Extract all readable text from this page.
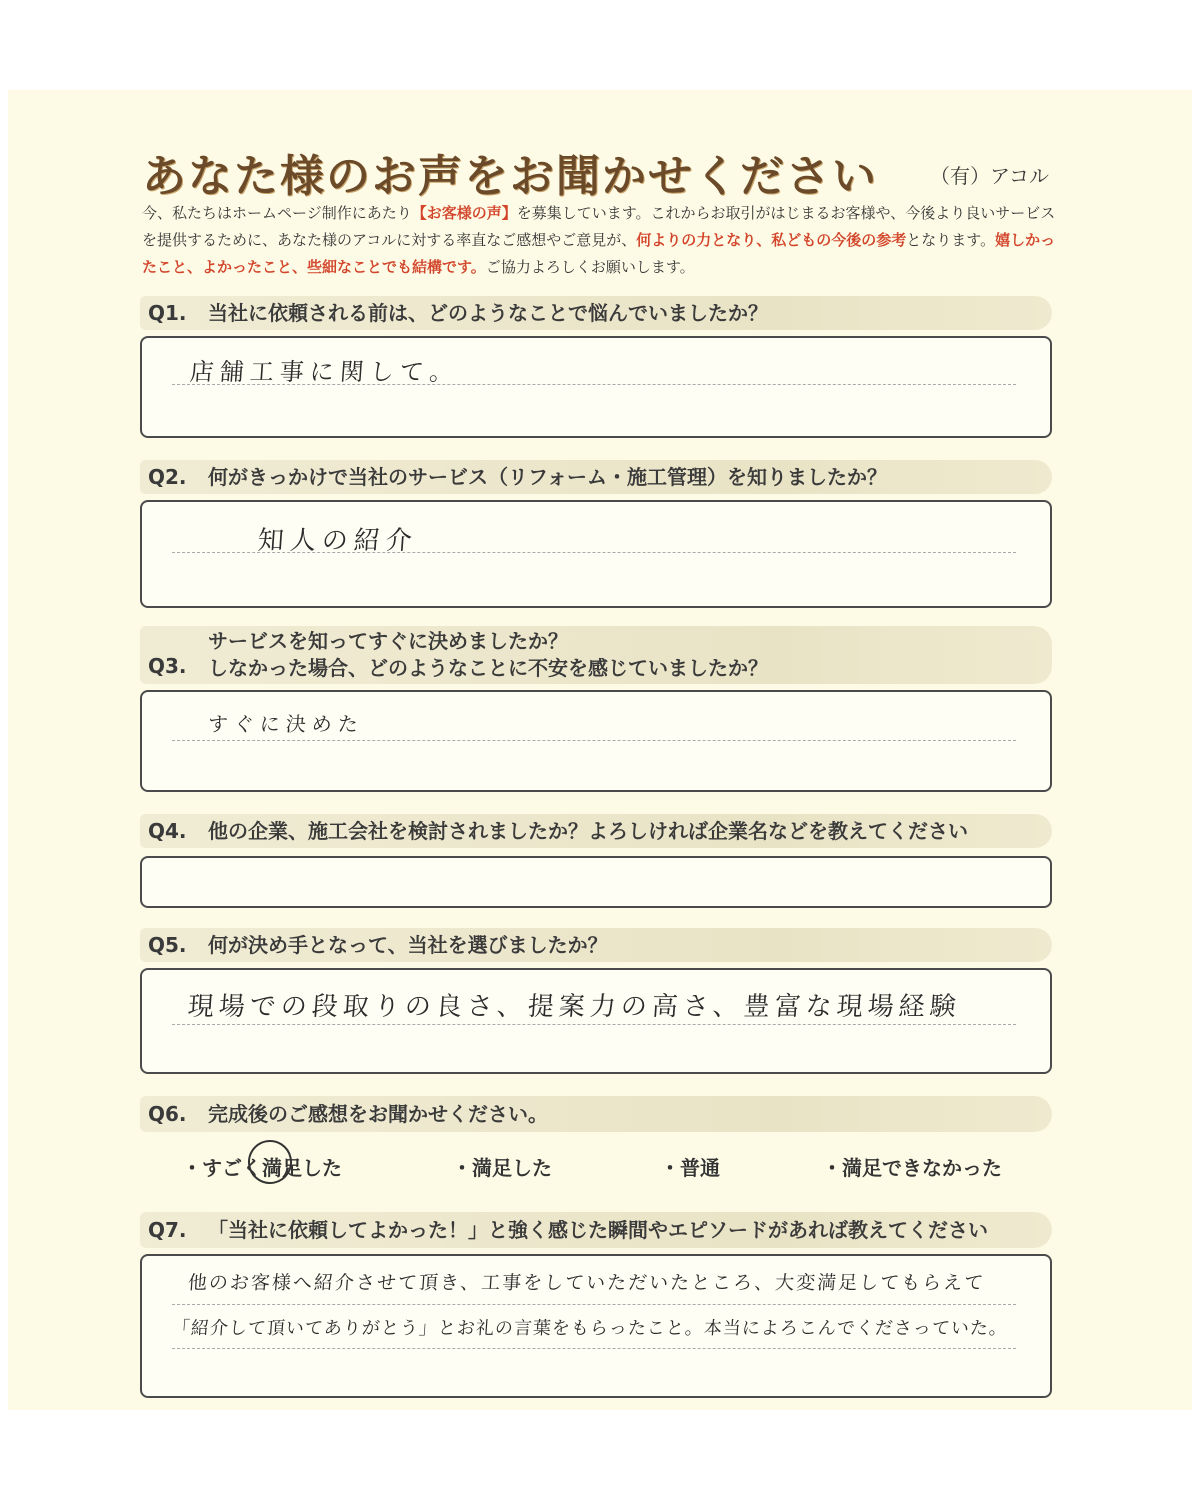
あなた様のお声をお聞かせください	（有）アコル
今、私たちはホームページ制作にあたり【お客様の声】を募集しています。これからお取引がはじまるお客様や、今後より良いサービスを提供するために、あなた様のアコルに対する率直なご感想やご意見が、何よりの力となり、私どもの今後の参考となります。嬉しかったこと、よかったこと、些細なことでも結構です。ご協力よろしくお願いします。
Q1.	当社に依頼される前は、どのようなことで悩んでいましたか？
店舗工事に関して。
Q2.	何がきっかけで当社のサービス（リフォーム・施工管理）を知りましたか？
知人の紹介
Q3.
サービスを知ってすぐに決めましたか？
しなかった場合、どのようなことに不安を感じていましたか？
すぐに決めた
Q4.	他の企業、施工会社を検討されましたか？よろしければ企業名などを教えてください
Q5.	何が決め手となって、当社を選びましたか？
現場での段取りの良さ、提案力の高さ、豊富な現場経験
Q6.	完成後のご感想をお聞かせください。
・すごく満足した	・満足した	・普通	・満足できなかった
Q7.	「当社に依頼してよかった！」と強く感じた瞬間やエピソードがあれば教えてください
他のお客様へ紹介させて頂き、工事をしていただいたところ、大変満足してもらえて
「紹介して頂いてありがとう」とお礼の言葉をもらったこと。本当によろこんでくださっていた。
